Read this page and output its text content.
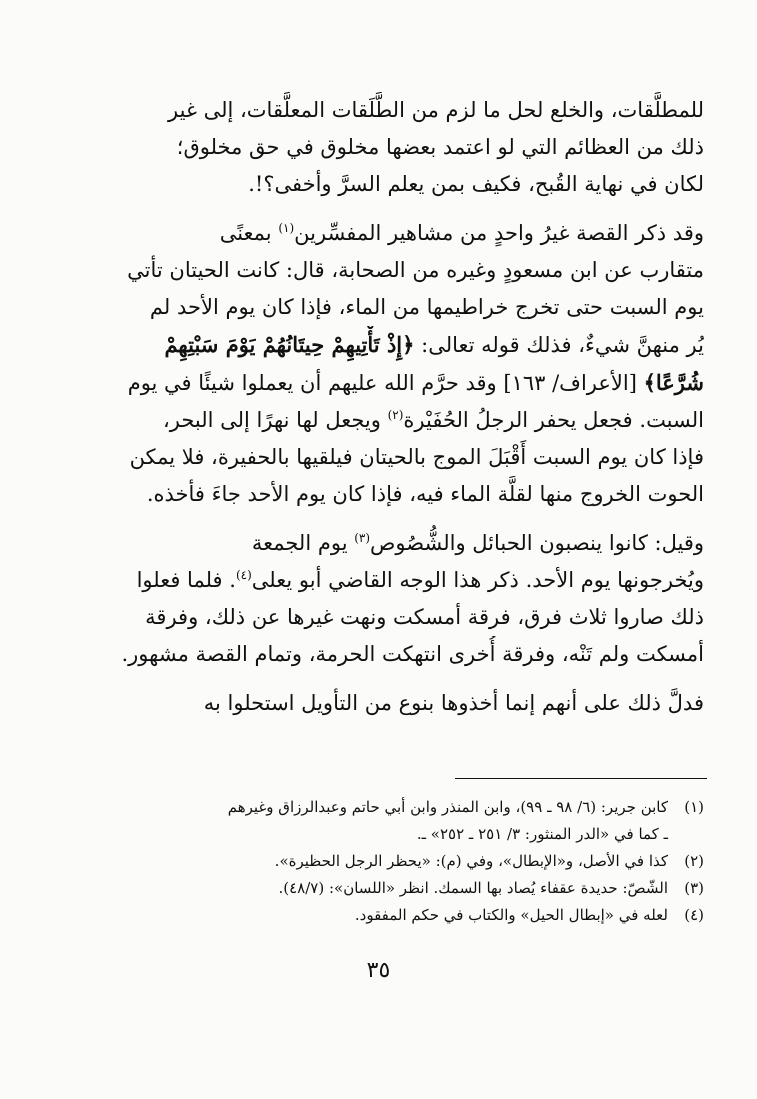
للمطلَّقات، والخلع لحل ما لزم من الطَّلَقات المعلَّقات، إلى غير
ذلك من العظائم التي لو اعتمد بعضها مخلوق في حق مخلوق؛
لكان في نهاية القُبح، فكيف بمن يعلم السرَّ وأخفى؟!.

وقد ذكر القصة غيرُ واحدٍ من مشاهير المفسِّرين$^{(١)}$ بمعنًى
متقارب عن ابن مسعودٍ وغيره من الصحابة، قال: كانت الحيتان تأتي
يوم السبت حتى تخرج خراطيمها من الماء، فإذا كان يوم الأحد لم
يُر منهنَّ شيءٌ، فذلك قوله تعالى: ﴿إِذْ تَأْتِيهِمْ حِيتَانُهُمْ يَوْمَ سَبْتِهِمْ
شُرَّعًا﴾ [الأعراف/ ١٦٣] وقد حرَّم الله عليهم أن يعملوا شيئًا في يوم
السبت. فجعل يحفر الرجلُ الحُفَيْرة$^{(٢)}$ ويجعل لها نهرًا إلى البحر،
فإذا كان يوم السبت أَقْبَلَ الموج بالحيتان فيلقيها بالحفيرة، فلا يمكن
الحوت الخروج منها لقلَّة الماء فيه، فإذا كان يوم الأحد جاءَ فأخذه.

وقيل: كانوا ينصبون الحبائل والشُّصُوص$^{(٣)}$ يوم الجمعة
ويُخرجونها يوم الأحد. ذكر هذا الوجه القاضي أبو يعلى$^{(٤)}$. فلما فعلوا
ذلك صاروا ثلاث فرق، فرقة أمسكت ونهت غيرها عن ذلك، وفرقة
أمسكت ولم تَنْه، وفرقة أُخرى انتهكت الحرمة، وتمام القصة مشهور.

فدلَّ ذلك على أنهم إنما أخذوها بنوع من التأويل استحلوا به

(١)
كابن جرير: (٦/ ٩٨ ـ ٩٩)، وابن المنذر وابن أبي حاتم وعبدالرزاق وغيرهم
ـ كما في «الدر المنثور: ٣/ ٢٥١ ـ ٢٥٢» ـ.
(٢)
كذا في الأصل، و«الإبطال»، وفي (م): «يحظر الرجل الحظيرة».
(٣)
الشّصّ: حديدة عقفاء يُصاد بها السمك. انظر «اللسان»: (٤٨/٧).
(٤)
لعله في «إبطال الحيل» والكتاب في حكم المفقود.
٣٥
